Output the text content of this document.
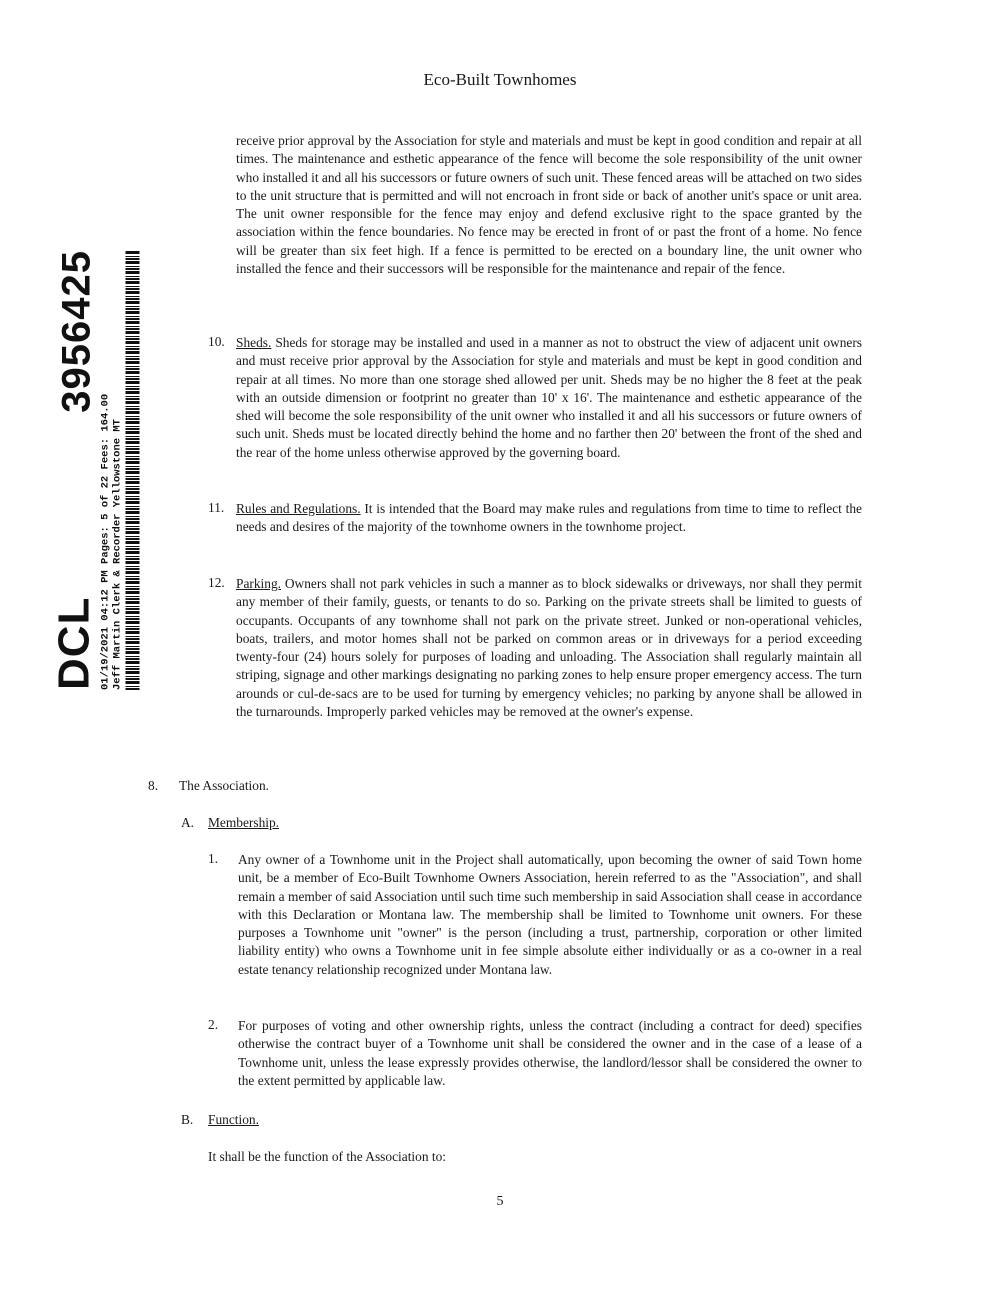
Eco-Built Townhomes
DCL
3956425
01/19/2021 04:12 PM Pages: 5 of 22 Fees: 164.00 Jeff Martin Clerk & Recorder Yellowstone MT

receive prior approval by the Association for style and materials and must be kept in good condition and repair at all times. The maintenance and esthetic appearance of the fence will become the sole responsibility of the unit owner who installed it and all his successors or future owners of such unit. These fenced areas will be attached on two sides to the unit structure that is permitted and will not encroach in front side or back of another unit's space or unit area. The unit owner responsible for the fence may enjoy and defend exclusive right to the space granted by the association within the fence boundaries. No fence may be erected in front of or past the front of a home. No fence will be greater than six feet high. If a fence is permitted to be erected on a boundary line, the unit owner who installed the fence and their successors will be responsible for the maintenance and repair of the fence.

10. Sheds. Sheds for storage may be installed and used in a manner as not to obstruct the view of adjacent unit owners and must receive prior approval by the Association for style and materials and must be kept in good condition and repair at all times. No more than one storage shed allowed per unit. Sheds may be no higher the 8 feet at the peak with an outside dimension or footprint no greater than 10' x 16'. The maintenance and esthetic appearance of the shed will become the sole responsibility of the unit owner who installed it and all his successors or future owners of such unit. Sheds must be located directly behind the home and no farther then 20' between the front of the shed and the rear of the home unless otherwise approved by the governing board.

11. Rules and Regulations. It is intended that the Board may make rules and regulations from time to time to reflect the needs and desires of the majority of the townhome owners in the townhome project.

12. Parking. Owners shall not park vehicles in such a manner as to block sidewalks or driveways, nor shall they permit any member of their family, guests, or tenants to do so. Parking on the private streets shall be limited to guests of occupants. Occupants of any townhome shall not park on the private street. Junked or non-operational vehicles, boats, trailers, and motor homes shall not be parked on common areas or in driveways for a period exceeding twenty-four (24) hours solely for purposes of loading and unloading. The Association shall regularly maintain all striping, signage and other markings designating no parking zones to help ensure proper emergency access. The turn arounds or cul-de-sacs are to be used for turning by emergency vehicles; no parking by anyone shall be allowed in the turnarounds. Improperly parked vehicles may be removed at the owner's expense.

8. The Association.
A. Membership.
1. Any owner of a Townhome unit in the Project shall automatically, upon becoming the owner of said Town home unit, be a member of Eco-Built Townhome Owners Association, herein referred to as the "Association", and shall remain a member of said Association until such time such membership in said Association shall cease in accordance with this Declaration or Montana law. The membership shall be limited to Townhome unit owners. For these purposes a Townhome unit "owner" is the person (including a trust, partnership, corporation or other limited liability entity) who owns a Townhome unit in fee simple absolute either individually or as a co-owner in a real estate tenancy relationship recognized under Montana law.

2. For purposes of voting and other ownership rights, unless the contract (including a contract for deed) specifies otherwise the contract buyer of a Townhome unit shall be considered the owner and in the case of a lease of a Townhome unit, unless the lease expressly provides otherwise, the landlord/lessor shall be considered the owner to the extent permitted by applicable law.

B. Function.
It shall be the function of the Association to:
5
